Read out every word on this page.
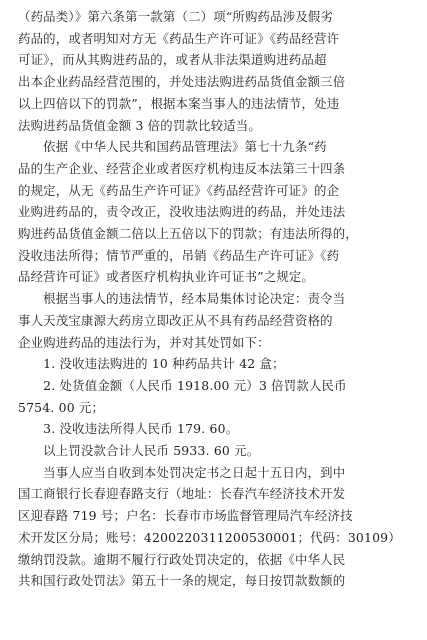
（药品类）》第六条第一款第（二）项“所购药品涉及假劣

药品的，或者明知对方无《药品生产许可证》《药品经营许

可证》，而从其购进药品的，或者从非法渠道购进药品超

出本企业药品经营范围的，并处违法购进药品货值金额三倍

以上四倍以下的罚款”，根据本案当事人的违法情节，处违

法购进药品货值金额 3 倍的罚款比较适当。

　　依据《中华人民共和国药品管理法》第七十九条“药

品的生产企业、经营企业或者医疗机构违反本法第三十四条

的规定，从无《药品生产许可证》《药品经营许可证》的企

业购进药品的，责令改正，没收违法购进的药品，并处违法

购进药品货值金额二倍以上五倍以下的罚款；有违法所得的，

没收违法所得；情节严重的，吊销《药品生产许可证》《药

品经营许可证》或者医疗机构执业许可证书”之规定。

　　根据当事人的违法情节，经本局集体讨论决定：责令当

事人天茂宝康源大药房立即改正从不具有药品经营资格的

企业购进药品的违法行为，并对其处罚如下：

　　1. 没收违法购进的 10 种药品共计 42 盒；

　　2. 处货值金额（人民币 1918.00 元）3 倍罚款人民币

5754. 00 元；

　　3. 没收违法所得人民币 179. 60。

　　以上罚没款合计人民币 5933. 60 元。

　　当事人应当自收到本处罚决定书之日起十五日内，到中

国工商银行长春迎春路支行（地址：长春汽车经济技术开发

区迎春路 719 号；户名：长春市市场监督管理局汽车经济技

术开发区分局；账号：4200220311200530001；代码：30109）

缴纳罚没款。逾期不履行行政处罚决定的，依据《中华人民

共和国行政处罚法》第五十一条的规定，每日按罚款数额的
